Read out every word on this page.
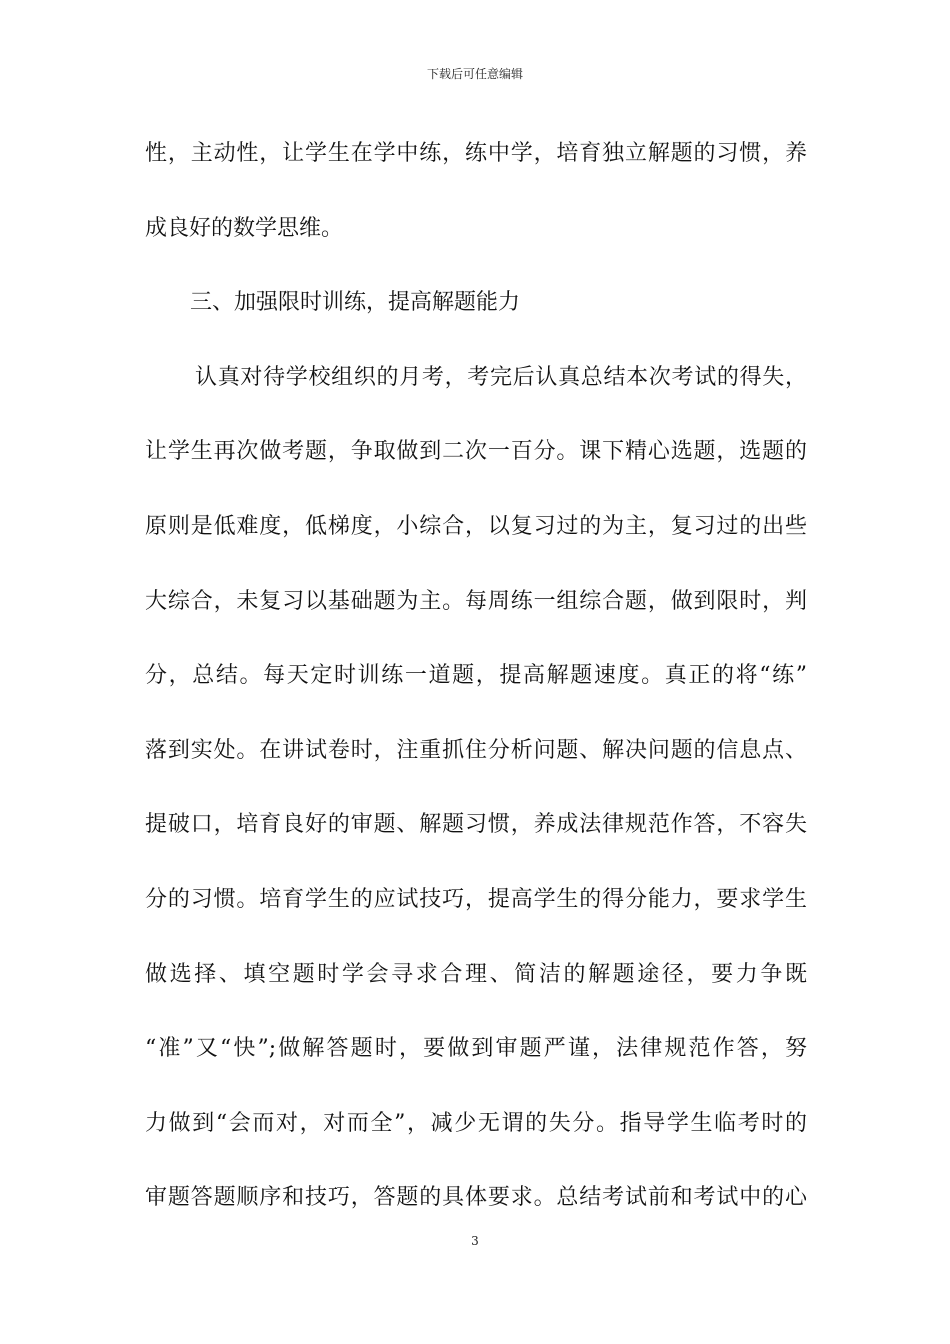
下载后可任意编辑
性，主动性，让学生在学中练，练中学，培育独立解题的习惯，养
成良好的数学思维。
三、加强限时训练，提高解题能力
认真对待学校组织的月考，考完后认真总结本次考试的得失，
让学生再次做考题，争取做到二次一百分。课下精心选题，选题的
原则是低难度，低梯度，小综合，以复习过的为主，复习过的出些
大综合，未复习以基础题为主。每周练一组综合题，做到限时，判
分，总结。每天定时训练一道题，提高解题速度。真正的将“练”
落到实处。在讲试卷时，注重抓住分析问题、解决问题的信息点、
提破口，培育良好的审题、解题习惯，养成法律规范作答，不容失
分的习惯。培育学生的应试技巧，提高学生的得分能力，要求学生
做选择、填空题时学会寻求合理、简洁的解题途径，要力争既
“准”又“快”;做解答题时，要做到审题严谨，法律规范作答，努
力做到“会而对，对而全”，减少无谓的失分。指导学生临考时的
审题答题顺序和技巧，答题的具体要求。总结考试前和考试中的心
3
